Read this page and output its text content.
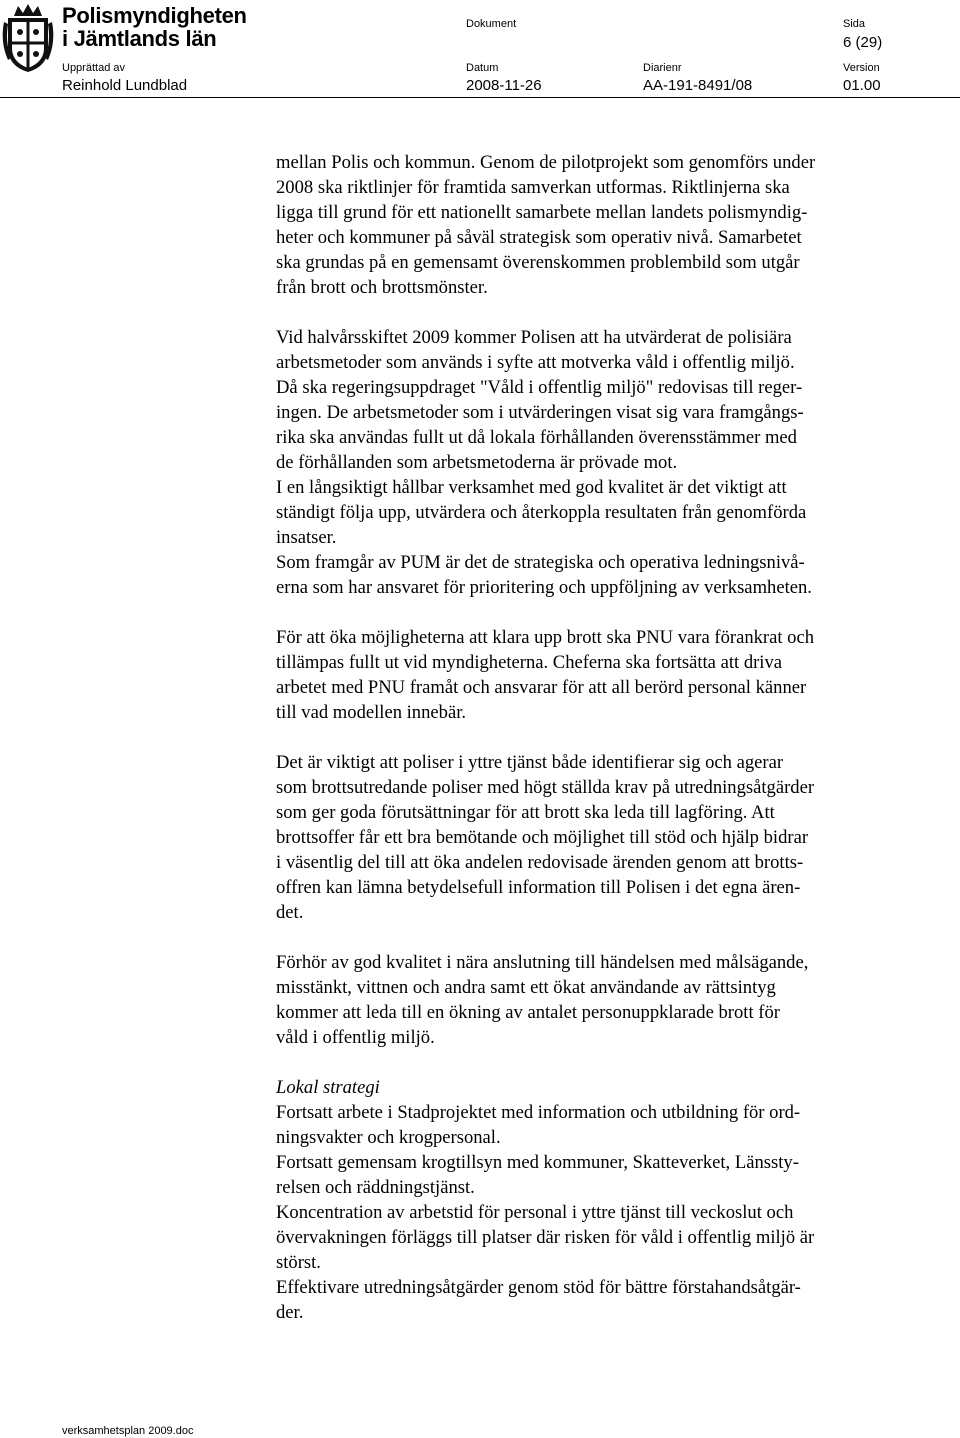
Polismyndigheten
i Jämtlands län
Dokument	Sida
6 (29)
Upprättad av	Datum	Diarienr	Version
Reinhold Lundblad	2008-11-26	AA-191-8491/08	01.00

mellan Polis och kommun. Genom de pilotprojekt som genomförs under
2008 ska riktlinjer för framtida samverkan utformas. Riktlinjerna ska
ligga till grund för ett nationellt samarbete mellan landets polismyndig-
heter och kommuner på såväl strategisk som operativ nivå. Samarbetet
ska grundas på en gemensamt överenskommen problembild som utgår
från brott och brottsmönster.

Vid halvårsskiftet 2009 kommer Polisen att ha utvärderat de polisiära
arbetsmetoder som används i syfte att motverka våld i offentlig miljö.
Då ska regeringsuppdraget "Våld i offentlig miljö" redovisas till reger-
ingen. De arbetsmetoder som i utvärderingen visat sig vara framgångs-
rika ska användas fullt ut då lokala förhållanden överensstämmer med
de förhållanden som arbetsmetoderna är prövade mot.
I en långsiktigt hållbar verksamhet med god kvalitet är det viktigt att
ständigt följa upp, utvärdera och återkoppla resultaten från genomförda
insatser.
Som framgår av PUM är det de strategiska och operativa ledningsnivå-
erna som har ansvaret för prioritering och uppföljning av verksamheten.

För att öka möjligheterna att klara upp brott ska PNU vara förankrat och
tillämpas fullt ut vid myndigheterna. Cheferna ska fortsätta att driva
arbetet med PNU framåt och ansvarar för att all berörd personal känner
till vad modellen innebär.

Det är viktigt att poliser i yttre tjänst både identifierar sig och agerar
som brottsutredande poliser med högt ställda krav på utredningsåtgärder
som ger goda förutsättningar för att brott ska leda till lagföring. Att
brottsoffer får ett bra bemötande och möjlighet till stöd och hjälp bidrar
i väsentlig del till att öka andelen redovisade ärenden genom att brotts-
offren kan lämna betydelsefull information till Polisen i det egna ären-
det.

Förhör av god kvalitet i nära anslutning till händelsen med målsägande,
misstänkt, vittnen och andra samt ett ökat användande av rättsintyg
kommer att leda till en ökning av antalet personuppklarade brott för
våld i offentlig miljö.

Lokal strategi

Fortsatt arbete i Stadprojektet med information och utbildning för ord-
ningsvakter och krogpersonal.
Fortsatt gemensam krogtillsyn med kommuner, Skatteverket, Länssty-
relsen och räddningstjänst.
Koncentration av arbetstid för personal i yttre tjänst till veckoslut och
övervakningen förläggs till platser där risken för våld i offentlig miljö är
störst.
Effektivare utredningsåtgärder genom stöd för bättre förstahandsåtgär-
der.

verksamhetsplan 2009.doc
